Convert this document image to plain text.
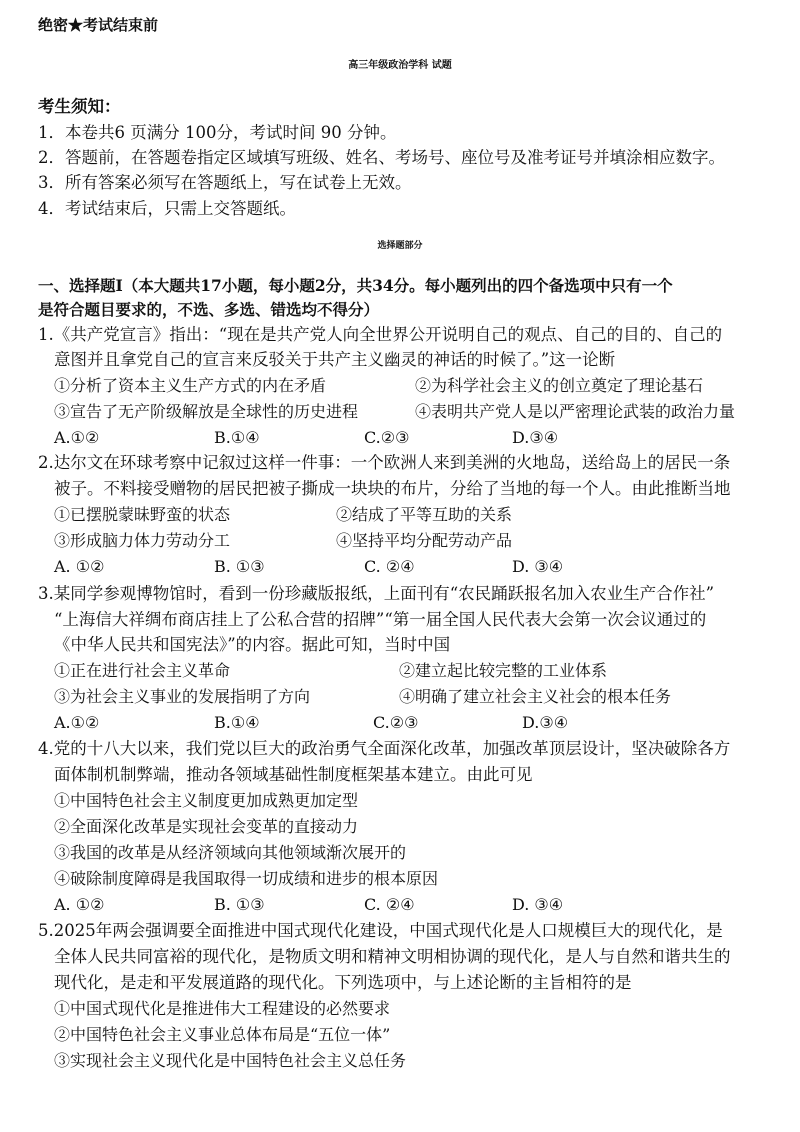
绝密★考试结束前
高三年级政治学科 试题
考生须知：
1．本卷共6 页满分 100分，考试时间 90 分钟。
2．答题前，在答题卷指定区域填写班级、姓名、考场号、座位号及准考证号并填涂相应数字。
3．所有答案必须写在答题纸上，写在试卷上无效。
4．考试结束后，只需上交答题纸。
选择题部分
一、选择题Ⅰ（本大题共17小题，每小题2分，共34分。每小题列出的四个备选项中只有一个
是符合题目要求的，不选、多选、错选均不得分）
1.《共产党宣言》指出：“现在是共产党人向全世界公开说明自己的观点、自己的目的、自己的
意图并且拿党自己的宣言来反驳关于共产主义幽灵的神话的时候了。”这一论断
①分析了资本主义生产方式的内在矛盾	②为科学社会主义的创立奠定了理论基石
③宣告了无产阶级解放是全球性的历史进程	④表明共产党人是以严密理论武装的政治力量
A.①②	B.①④	C.②③	D.③④
2.达尔文在环球考察中记叙过这样一件事：一个欧洲人来到美洲的火地岛，送给岛上的居民一条
被子。不料接受赠物的居民把被子撕成一块块的布片，分给了当地的每一个人。由此推断当地
①已摆脱蒙昧野蛮的状态	②结成了平等互助的关系
③形成脑力体力劳动分工	④坚持平均分配劳动产品
A. ①②	B. ①③	C. ②④	D. ③④
3.某同学参观博物馆时，看到一份珍藏版报纸，上面刊有“农民踊跃报名加入农业生产合作社”
“上海信大祥绸布商店挂上了公私合营的招牌”“第一届全国人民代表大会第一次会议通过的
《中华人民共和国宪法》”的内容。据此可知，当时中国
①正在进行社会主义革命	②建立起比较完整的工业体系
③为社会主义事业的发展指明了方向	④明确了建立社会主义社会的根本任务
A.①②	B.①④	C.②③	D.③④
4.党的十八大以来，我们党以巨大的政治勇气全面深化改革，加强改革顶层设计，坚决破除各方
面体制机制弊端，推动各领域基础性制度框架基本建立。由此可见
①中国特色社会主义制度更加成熟更加定型
②全面深化改革是实现社会变革的直接动力
③我国的改革是从经济领域向其他领域渐次展开的
④破除制度障碍是我国取得一切成绩和进步的根本原因
A. ①②	B. ①③	C. ②④	D. ③④
5.2025年两会强调要全面推进中国式现代化建设，中国式现代化是人口规模巨大的现代化，是
全体人民共同富裕的现代化，是物质文明和精神文明相协调的现代化，是人与自然和谐共生的
现代化，是走和平发展道路的现代化。下列选项中，与上述论断的主旨相符的是
①中国式现代化是推进伟大工程建设的必然要求
②中国特色社会主义事业总体布局是“五位一体”
③实现社会主义现代化是中国特色社会主义总任务
